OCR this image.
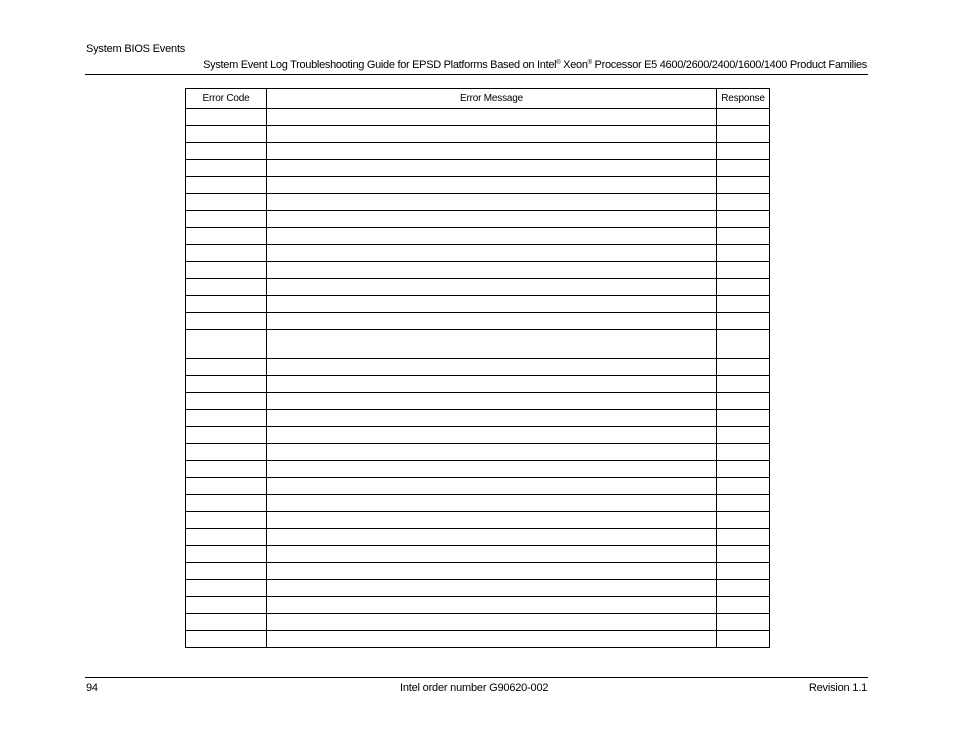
System BIOS Events
System Event Log Troubleshooting Guide for EPSD Platforms Based on Intel® Xeon® Processor E5 4600/2600/2400/1600/1400 Product Families
Error Code	Error Message	Response

94	Intel order number G90620-002	Revision 1.1
